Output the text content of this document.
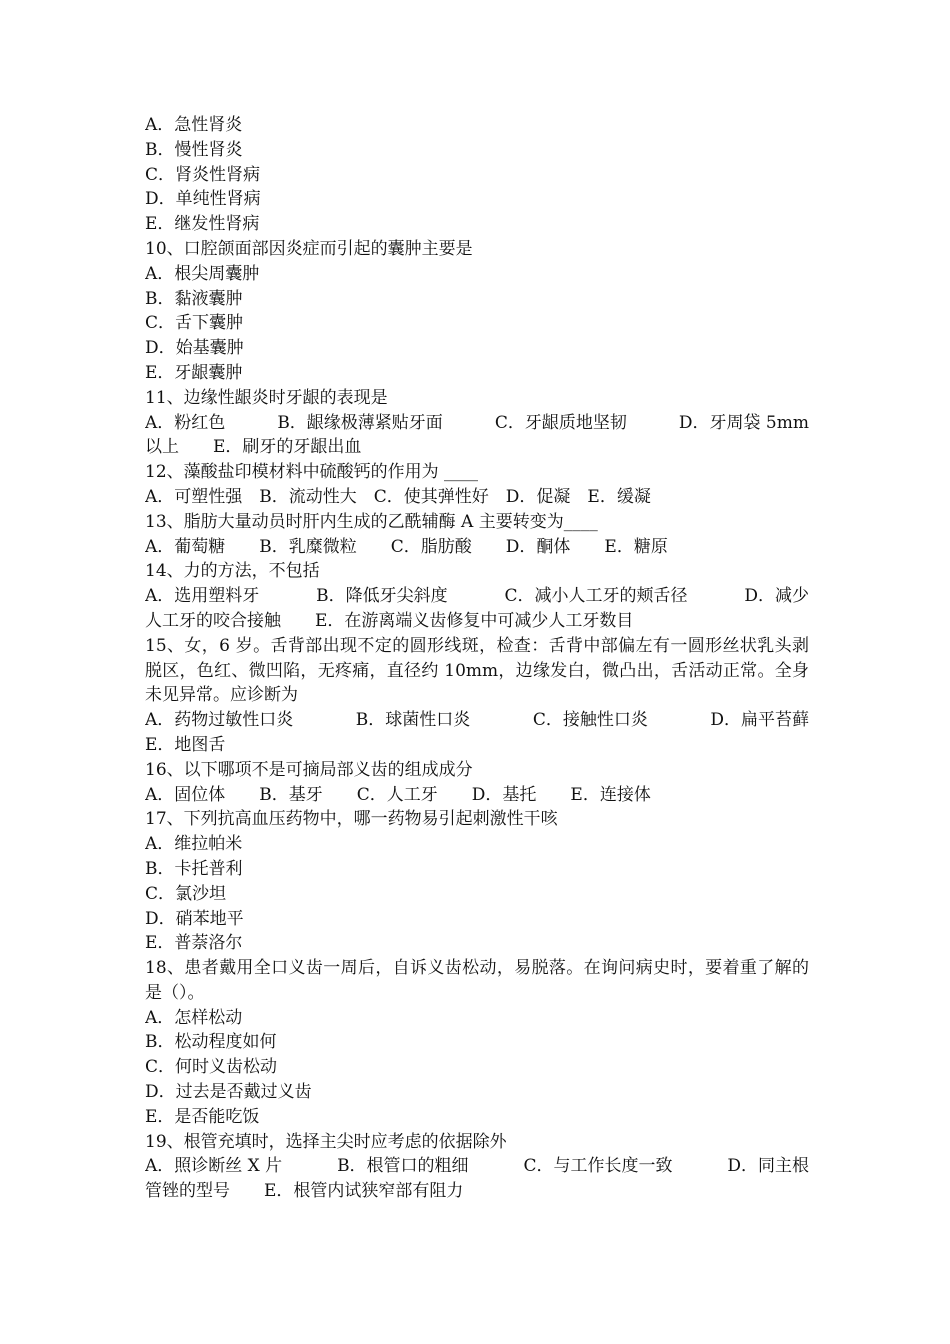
A．急性肾炎
B．慢性肾炎
C．肾炎性肾病
D．单纯性肾病
E．继发性肾病
10、口腔颌面部因炎症而引起的囊肿主要是
A．根尖周囊肿
B．黏液囊肿
C．舌下囊肿
D．始基囊肿
E．牙龈囊肿
11、边缘性龈炎时牙龈的表现是
A．粉红色	B．龈缘极薄紧贴牙面	C．牙龈质地坚韧	D．牙周袋 5mm
以上　　E．刷牙的牙龈出血
12、藻酸盐印模材料中硫酸钙的作用为 ____
A．可塑性强　B．流动性大　C．使其弹性好　D．促凝　E．缓凝
13、脂肪大量动员时肝内生成的乙酰辅酶 A 主要转变为____
A．葡萄糖　　B．乳糜微粒　　C．脂肪酸　　D．酮体　　E．糖原
14、力的方法，不包括
A．选用塑料牙	B．降低牙尖斜度	C．减小人工牙的颊舌径	D．减少
人工牙的咬合接触　　E．在游离端义齿修复中可减少人工牙数目
15、女，6 岁。舌背部出现不定的圆形线斑，检查：舌背中部偏左有一圆形丝状乳头剥脱区，色红、微凹陷，无疼痛，直径约 10mm，边缘发白，微凸出，舌活动正常。全身未见异常。应诊断为
A．药物过敏性口炎	B．球菌性口炎	C．接触性口炎	D．扁平苔藓
E．地图舌
16、以下哪项不是可摘局部义齿的组成成分
A．固位体　　B．基牙　　C．人工牙　　D．基托　　E．连接体
17、下列抗高血压药物中，哪一药物易引起刺激性干咳
A．维拉帕米
B．卡托普利
C．氯沙坦
D．硝苯地平
E．普萘洛尔
18、患者戴用全口义齿一周后，自诉义齿松动，易脱落。在询问病史时，要着重了解的是（）。
A．怎样松动
B．松动程度如何
C．何时义齿松动
D．过去是否戴过义齿
E．是否能吃饭
19、根管充填时，选择主尖时应考虑的依据除外
A．照诊断丝 X 片	B．根管口的粗细	C．与工作长度一致	D．同主根
管锉的型号　　E．根管内试狭窄部有阻力
